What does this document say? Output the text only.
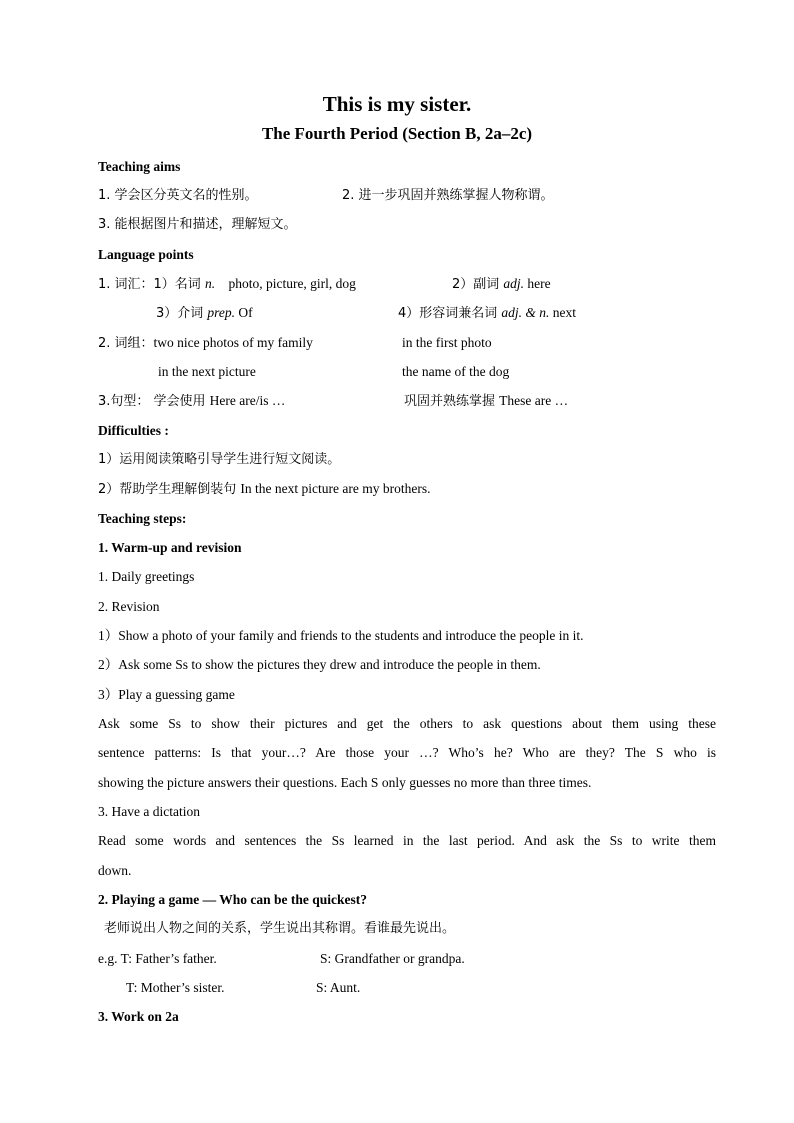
This is my sister.
The Fourth Period (Section B, 2a–2c)
Teaching aims
1. 学会区分英文名的性别。	2. 进一步巩固并熟练掌握人物称谓。
3. 能根据图片和描述，理解短文。
Language points
1. 词汇：1）名词 n. photo, picture, girl, dog	2）副词 adj. here
3）介词 prep. Of	4）形容词兼名词 adj. & n. next
2. 词组：two nice photos of my family	in the first photo
in the next picture	the name of the dog
3.句型： 学会使用 Here are/is …	巩固并熟练掌握 These are …
Difficulties :
1）运用阅读策略引导学生进行短文阅读。
2）帮助学生理解倒装句 In the next picture are my brothers.
Teaching steps:
1. Warm-up and revision
1. Daily greetings
2. Revision
1）Show a photo of your family and friends to the students and introduce the people in it.
2）Ask some Ss to show the pictures they drew and introduce the people in them.
3）Play a guessing game
Ask some Ss to show their pictures and get the others to ask questions about them using these
sentence patterns: Is that your…? Are those your …? Who’s he? Who are they? The S who is
showing the picture answers their questions. Each S only guesses no more than three times.
3. Have a dictation
Read some words and sentences the Ss learned in the last period. And ask the Ss to write them
down.
2. Playing a game — Who can be the quickest?
老师说出人物之间的关系，学生说出其称谓。看谁最先说出。
e.g. T: Father’s father.	S: Grandfather or grandpa.
T: Mother’s sister.	S: Aunt.
3. Work on 2a
